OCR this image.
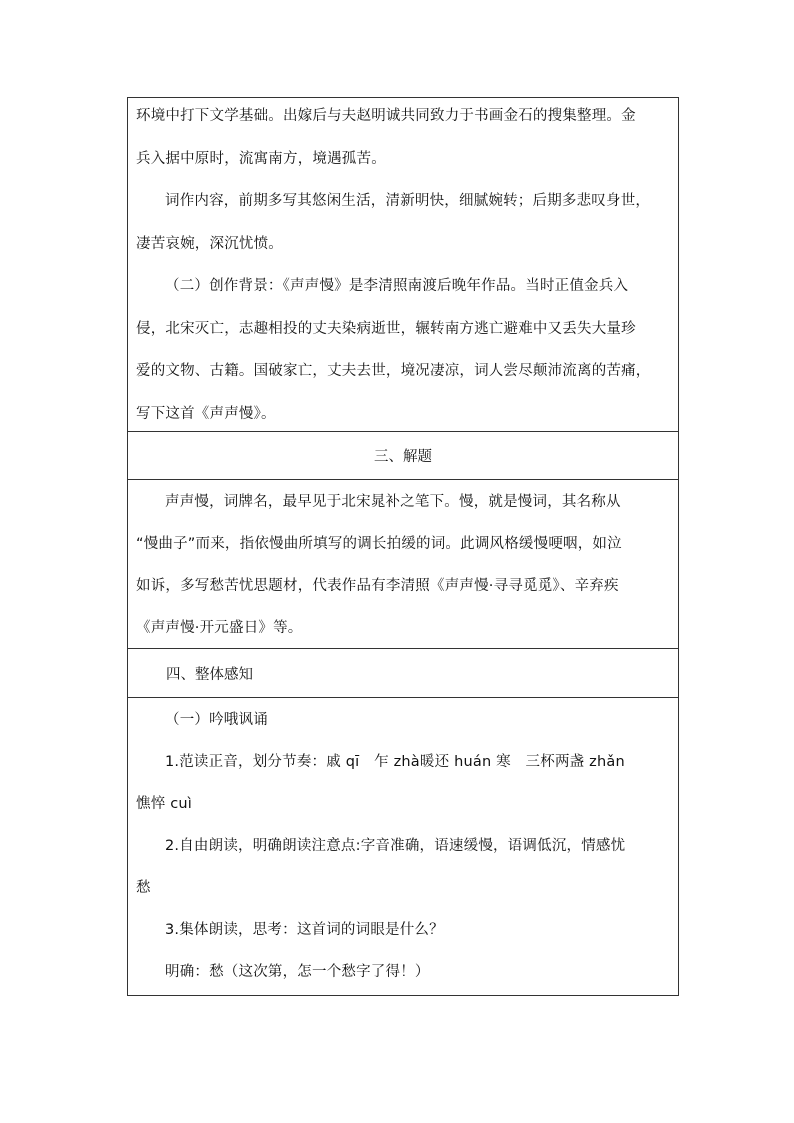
环境中打下文学基础。出嫁后与夫赵明诚共同致力于书画金石的搜集整理。金

兵入据中原时，流寓南方，境遇孤苦。

词作内容，前期多写其悠闲生活，清新明快，细腻婉转；后期多悲叹身世，

凄苦哀婉，深沉忧愤。

（二）创作背景：《声声慢》是李清照南渡后晚年作品。当时正值金兵入

侵，北宋灭亡，志趣相投的丈夫染病逝世，辗转南方逃亡避难中又丢失大量珍

爱的文物、古籍。国破家亡，丈夫去世，境况凄凉，词人尝尽颠沛流离的苦痛，

写下这首《声声慢》。

三、解题

声声慢，词牌名，最早见于北宋晁补之笔下。慢，就是慢词，其名称从

“慢曲子”而来，指依慢曲所填写的调长拍缓的词。此调风格缓慢哽咽，如泣

如诉，多写愁苦忧思题材，代表作品有李清照《声声慢·寻寻觅觅》、辛弃疾

《声声慢·开元盛日》等。

四、整体感知

（一）吟哦讽诵

1.范读正音，划分节奏：戚 qī　乍 zhà暖还 huán 寒　三杯两盏 zhǎn

憔悴 cuì

2.自由朗读，明确朗读注意点:字音准确，语速缓慢，语调低沉，情感忧

愁

3.集体朗读，思考：这首词的词眼是什么？

明确：愁（这次第，怎一个愁字了得！）
